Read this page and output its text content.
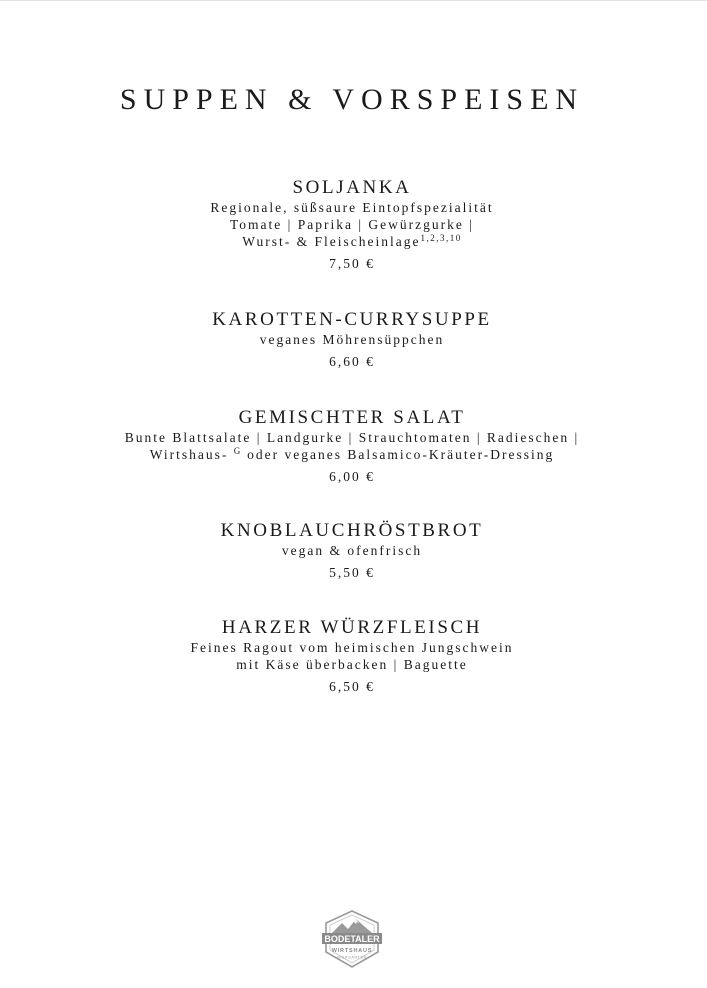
SUPPEN & VORSPEISEN
SOLJANKA
Regionale, süßsaure Eintopfspezialität
Tomate | Paprika | Gewürzgurke |
Wurst- & Fleischeinlage$^{1,2,3,10}$
7,50 €
KAROTTEN-CURRYSUPPE
veganes Möhrensüppchen
6,60 €
GEMISCHTER SALAT
Bunte Blattsalate | Landgurke | Strauchtomaten | Radieschen |
Wirtshaus- $^G$ oder veganes Balsamico-Kräuter-Dressing
6,00 €
KNOBLAUCHRÖSTBROT
vegan & ofenfrisch
5,50 €
HARZER WÜRZFLEISCH
Feines Ragout vom heimischen Jungschwein
mit Käse überbacken | Baguette
6,50 €
BODETALER
WIRTSHAUS
BIERGARTEN
